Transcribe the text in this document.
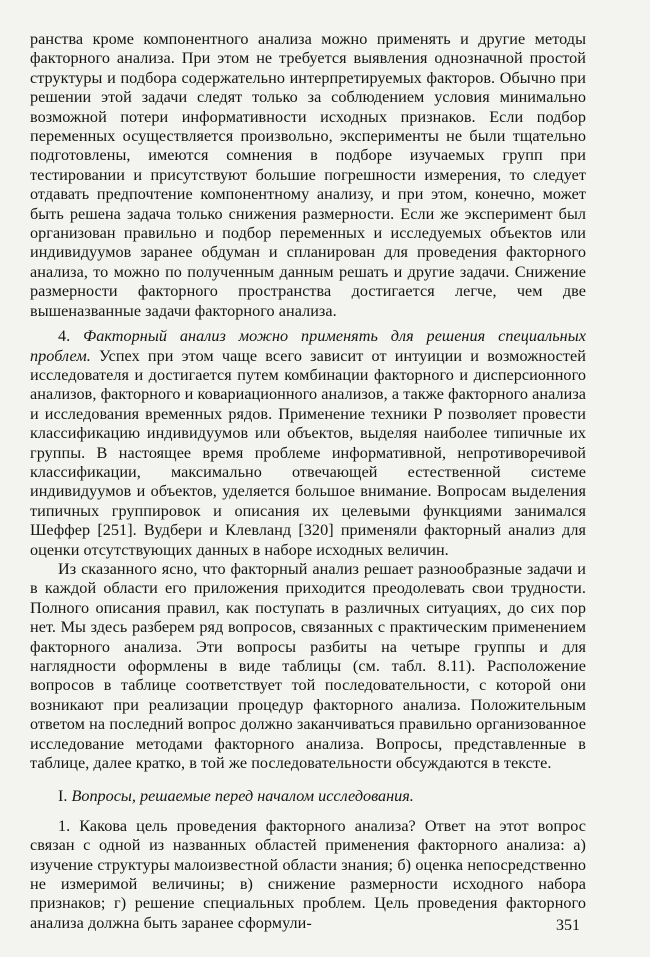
ранства кроме компонентного анализа можно применять и другие методы факторного анализа. При этом не требуется выявления однозначной простой структуры и подбора содержательно интерпретируемых факторов. Обычно при решении этой задачи следят только за соблюдением условия минимально возможной потери информативности исходных признаков. Если подбор переменных осуществляется произвольно, эксперименты не были тщательно подготовлены, имеются сомнения в подборе изучаемых групп при тестировании и присутствуют большие погрешности измерения, то следует отдавать предпочтение компонентному анализу, и при этом, конечно, может быть решена задача только снижения размерности. Если же эксперимент был организован правильно и подбор переменных и исследуемых объектов или индивидуумов заранее обдуман и спланирован для проведения факторного анализа, то можно по полученным данным решать и другие задачи. Снижение размерности факторного пространства достигается легче, чем две вышеназванные задачи факторного анализа.

4. Факторный анализ можно применять для решения специальных проблем. Успех при этом чаще всего зависит от интуиции и возможностей исследователя и достигается путем комбинации факторного и дисперсионного анализов, факторного и ковариационного анализов, а также факторного анализа и исследования временных рядов. Применение техники P позволяет провести классификацию индивидуумов или объектов, выделяя наиболее типичные их группы. В настоящее время проблеме информативной, непротиворечивой классификации, максимально отвечающей естественной системе индивидуумов и объектов, уделяется большое внимание. Вопросам выделения типичных группировок и описания их целевыми функциями занимался Шеффер [251]. Вудбери и Клевланд [320] применяли факторный анализ для оценки отсутствующих данных в наборе исходных величин.

Из сказанного ясно, что факторный анализ решает разнообразные задачи и в каждой области его приложения приходится преодолевать свои трудности. Полного описания правил, как поступать в различных ситуациях, до сих пор нет. Мы здесь разберем ряд вопросов, связанных с практическим применением факторного анализа. Эти вопросы разбиты на четыре группы и для наглядности оформлены в виде таблицы (см. табл. 8.11). Расположение вопросов в таблице соответствует той последовательности, с которой они возникают при реализации процедур факторного анализа. Положительным ответом на последний вопрос должно заканчиваться правильно организованное исследование методами факторного анализа. Вопросы, представленные в таблице, далее кратко, в той же последовательности обсуждаются в тексте.

I. Вопросы, решаемые перед началом исследования.

1. Какова цель проведения факторного анализа? Ответ на этот вопрос связан с одной из названных областей применения факторного анализа: а) изучение структуры малоизвестной области знания; б) оценка непосредственно не измеримой величины; в) снижение размерности исходного набора признаков; г) решение специальных проблем. Цель проведения факторного анализа должна быть заранее сформули-	351
